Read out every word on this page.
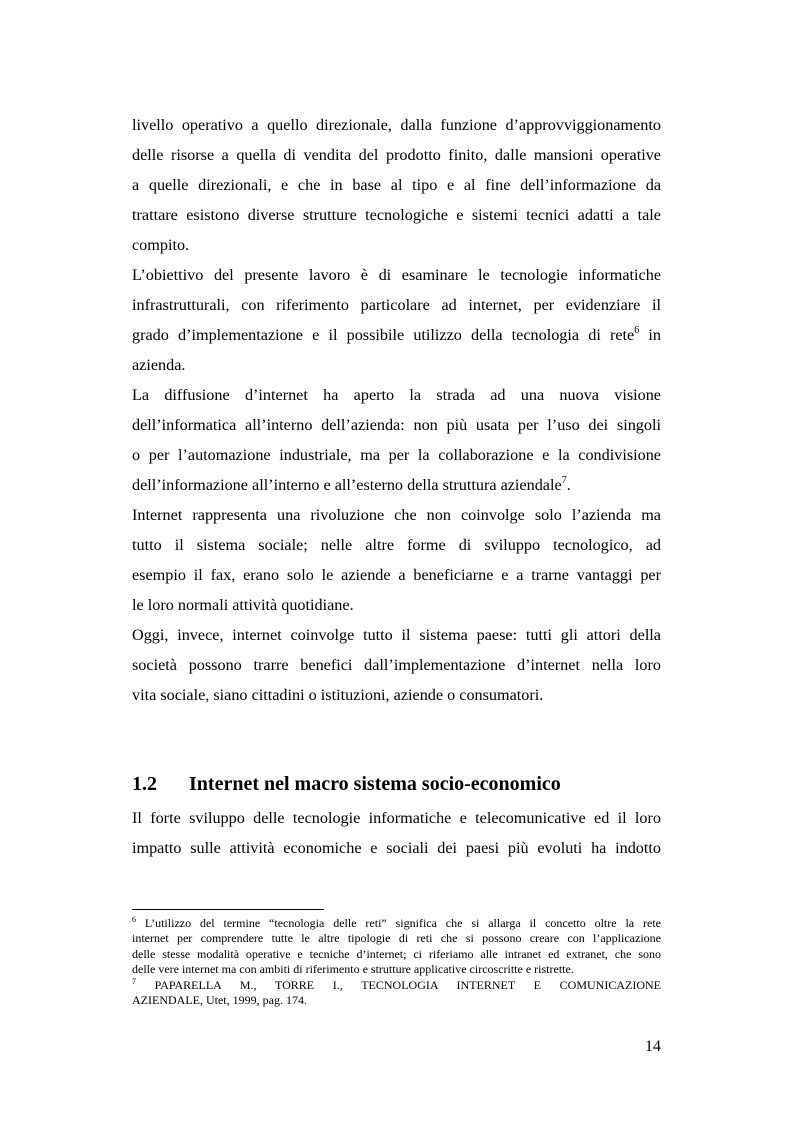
livello operativo a quello direzionale, dalla funzione d’approvviggionamento
delle risorse a quella di vendita del prodotto finito, dalle mansioni operative
a quelle direzionali, e che in base al tipo e al fine dell’informazione da
trattare esistono diverse strutture tecnologiche e sistemi tecnici adatti a tale
compito.
L’obiettivo del presente lavoro è di esaminare le tecnologie informatiche
infrastrutturali, con riferimento particolare ad internet, per evidenziare il
grado d’implementazione e il possibile utilizzo della tecnologia di rete$^6$ in
azienda.
La diffusione d’internet ha aperto la strada ad una nuova visione
dell’informatica all’interno dell’azienda: non più usata per l’uso dei singoli
o per l’automazione industriale, ma per la collaborazione e la condivisione
dell’informazione all’interno e all’esterno della struttura aziendale$^7$.
Internet rappresenta una rivoluzione che non coinvolge solo l’azienda ma
tutto il sistema sociale; nelle altre forme di sviluppo tecnologico, ad
esempio il fax, erano solo le aziende a beneficiarne e a trarne vantaggi per
le loro normali attività quotidiane.
Oggi, invece, internet coinvolge tutto il sistema paese: tutti gli attori della
società possono trarre benefici dall’implementazione d’internet nella loro
vita sociale, siano cittadini o istituzioni, aziende o consumatori.
1.2 Internet nel macro sistema socio-economico
Il forte sviluppo delle tecnologie informatiche e telecomunicative ed il loro
impatto sulle attività economiche e sociali dei paesi più evoluti ha indotto
$^6$ L’utilizzo del termine “tecnologia delle reti” significa che si allarga il concetto oltre la rete
internet per comprendere tutte le altre tipologie di reti che si possono creare con l’applicazione
delle stesse modalità operative e tecniche d’internet; ci riferiamo alle intranet ed extranet, che sono
delle vere internet ma con ambiti di riferimento e strutture applicative circoscritte e ristrette.
$^7$ PAPARELLA M., TORRE I., TECNOLOGIA INTERNET E COMUNICAZIONE
AZIENDALE, Utet, 1999, pag. 174.
14
